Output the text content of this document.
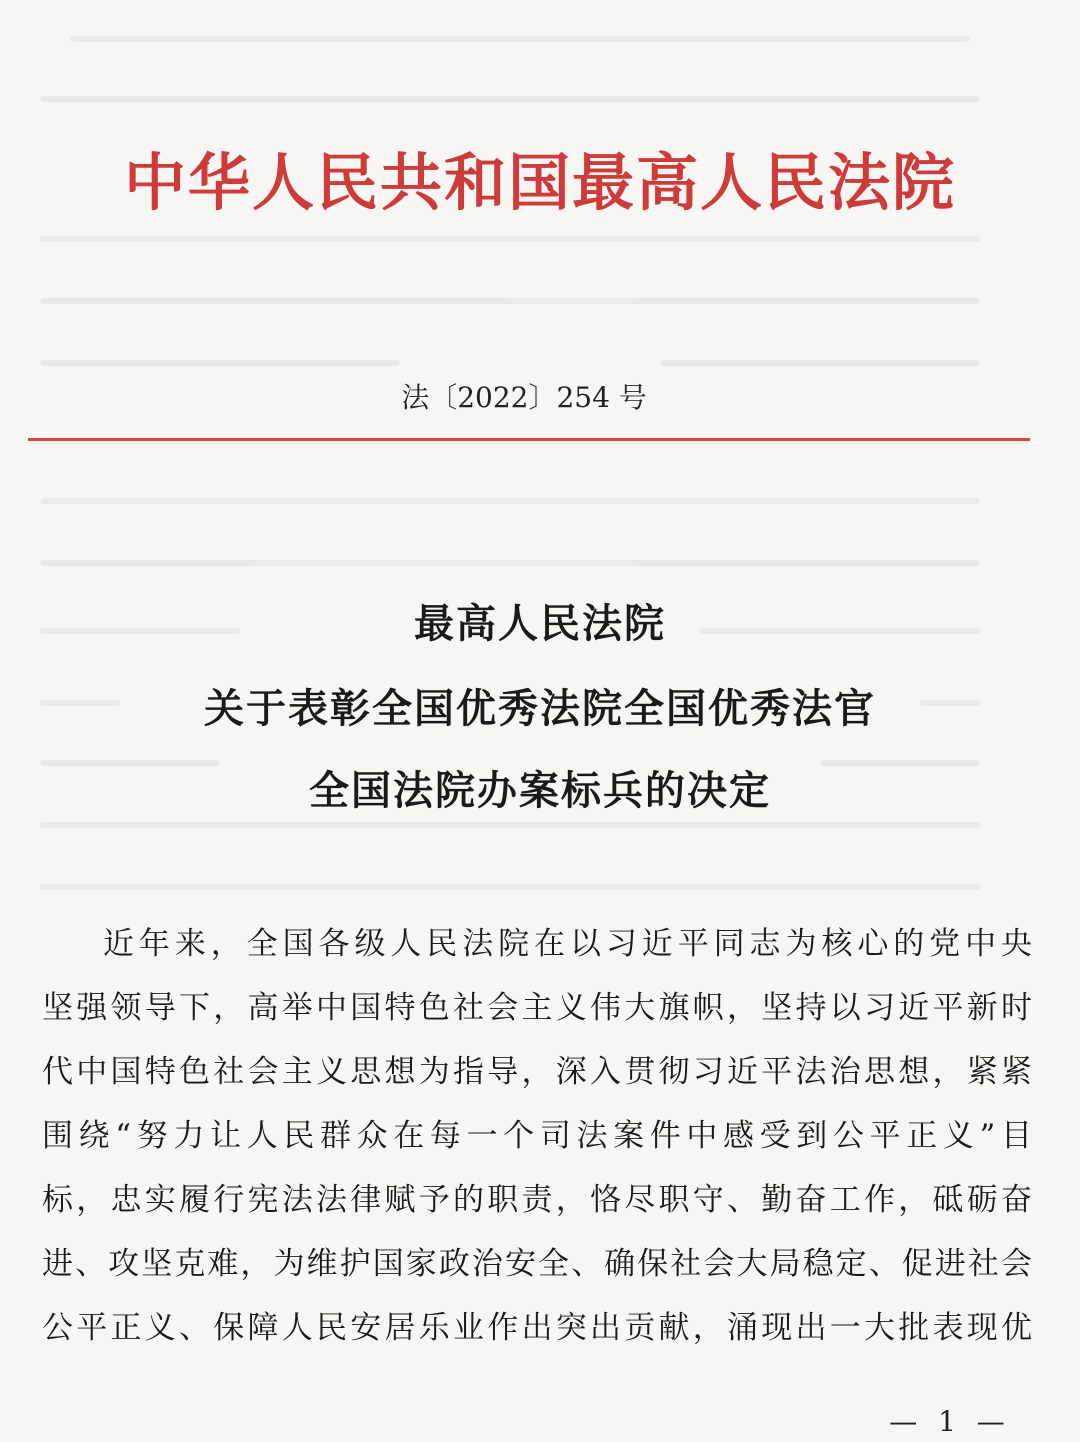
中华人民共和国最高人民法院
法〔2022〕254 号
最高人民法院
关于表彰全国优秀法院全国优秀法官
全国法院办案标兵的决定
近年来，全国各级人民法院在以习近平同志为核心的党中央
坚强领导下，高举中国特色社会主义伟大旗帜，坚持以习近平新时
代中国特色社会主义思想为指导，深入贯彻习近平法治思想，紧紧
围绕“努力让人民群众在每一个司法案件中感受到公平正义”目
标，忠实履行宪法法律赋予的职责，恪尽职守、勤奋工作，砥砺奋
进、攻坚克难，为维护国家政治安全、确保社会大局稳定、促进社会
公平正义、保障人民安居乐业作出突出贡献，涌现出一大批表现优
— 1 —
